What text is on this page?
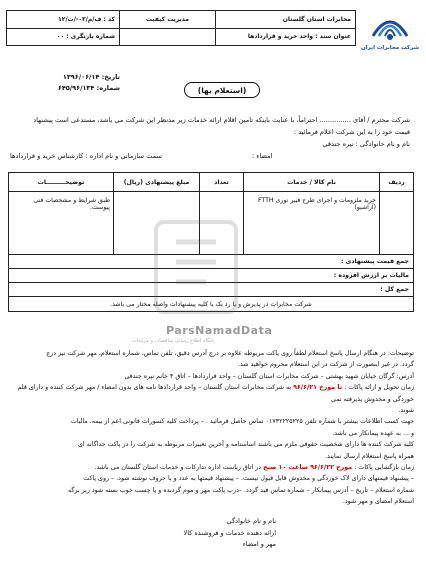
مخابرات استان گلستان
عنوان سند : واحد خرید و قراردادها
مدیریت کیفیت
کد : ف/م/۰۳-/ت/۱۲
شماره بازنگری : ۰۰
شرکت مخابرات ایران
تاریخ: ۱۳۹۶/۰۶/۱۴
شماره: ۶۴۵/۹۶/۱۳۴	(استعلام بها)
شرکت محترم / آقای ............... احتراماً، با عنایت باینکه تامین اقلام ارائه خدمات زیر مدنظر این شرکت می باشد، مستدعی است پیشنهاد
قیمت خود را به این شرکت اعلام فرمائید :
نام و نام خانوادگی : نیره جندقی
سمت سازمانی و نام اداره : کارشناس خرید و قراردادها	امضاء :
ردیف
نام کالا / خدمات
تعداد
مبلغ پیشنهادی (ریال)
توضیحـــــــــات
خرید ملزومات و اجرای طرح فیبر نوری FTTH (آراشیو)
طبق شرایط و مشخصات فنی پیوست.
جمع قیمت پیشنهادی :
مالیات بر ارزش افزوده :
جمع کل :
شرکت مخابرات در پذیرش و یا رد یک یا کلیه پیشنهادات واصله مختار می باشد.
ParsNamadData
پایگاه اطلاع رسانی مناقصات و مزایدات
توضیحات: در هنگام ارسال پاسخ استعلام لطفاً روی پاکت مربوطه علاوه بر درج آدرس دقیق، تلفن تماس، شماره استعلام، مهر شرکت نیز درج
گردد. در غیر اینصورت از شرکت در این استعلام محروم خواهید شد.
آدرس: گرگان خیابان شهید بهشتی – شرکت مخابرات استان گلستان – واحد قراردادها – اتاق ۴ خانم نیره جندقی
زمان تحویل و ارائه پاکات : تا مورخ ۹۶/۶/۲۱ به شرکت مخابرات استان گلستان – واحد قراردادها نامه های بدون امضاء / مهر شرکت کننده و دارای قلم خوردگی و مخدوش پذیرفته نمی
شوند.
جهت کسب اطلاعات بیشتر با شماره تلفن ۰۱۷۳۲۲۲۵۲۲۵ تماس حاصل فرمائید . – پرداخت کلیه کسورات قانونی اعم از بیمه، مالیات
و ... به عهده پیمانکار می باشد.
کلیه شرکت کننده ها دارای شخصیت حقوقی ملزم می باشند اساسنامه و آخرین تغییرات مربوطه به شرکت را در پاکت جداگانه ای
همراه پاسخ استعلام ارسال نمایند.
زمان بازگشایی پاکات : مورخ ۹۶/۶/۲۲ ساعت ۱۰ صبح در اتاق ریاست اداره تدارکات و خدمات استان گلستان می باشد.
– پیشنهاد قیمتهای دارای لاک خوردگی و مخدوش قابل قبول نیست. – پیشنهاد قیمتها به عدد و با حروف نوشته شود. – روی پاکت
شماره استعلام – تاریخ – آدرس پیمانکار – شماره تماس قید گردد. –درب پاکت مهر و موم گردیده و یا چسب خوب بسته شود زیر برگه
استعلام امضای و مهر شود.
نام و نام خانوادگی
ارائه دهنده خدمات و فروشنده کالا
مهر و امضاء
